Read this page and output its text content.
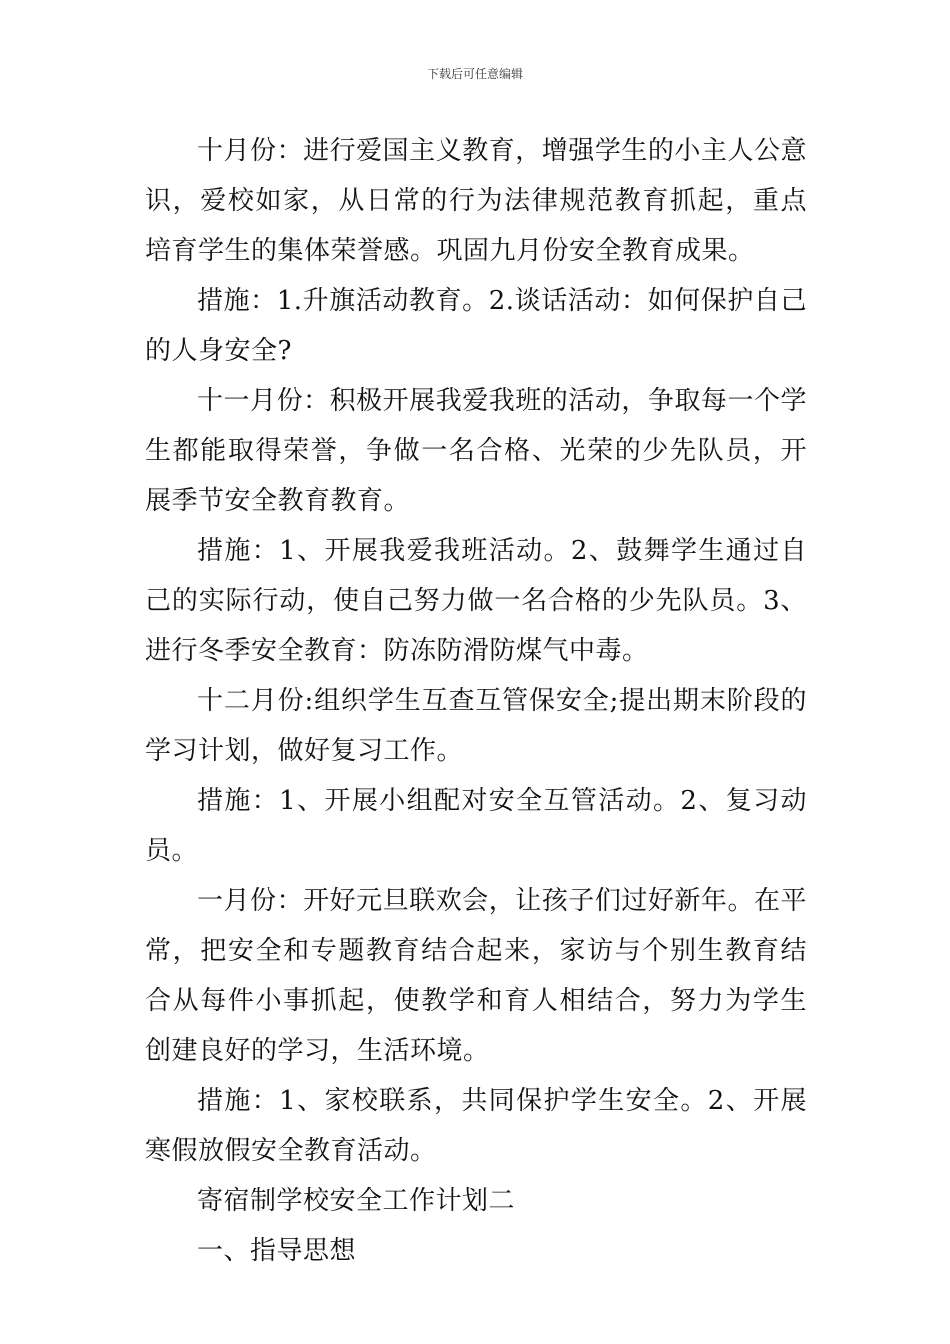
下载后可任意编辑

十月份：进行爱国主义教育，增强学生的小主人公意识，爱校如家，从日常的行为法律规范教育抓起，重点培育学生的集体荣誉感。巩固九月份安全教育成果。

措施：1.升旗活动教育。2.谈话活动：如何保护自己的人身安全?

十一月份：积极开展我爱我班的活动，争取每一个学生都能取得荣誉，争做一名合格、光荣的少先队员，开展季节安全教育教育。

措施：1、开展我爱我班活动。2、鼓舞学生通过自己的实际行动，使自己努力做一名合格的少先队员。3、进行冬季安全教育：防冻防滑防煤气中毒。

十二月份:组织学生互查互管保安全;提出期末阶段的学习计划，做好复习工作。

措施：1、开展小组配对安全互管活动。2、复习动员。

一月份：开好元旦联欢会，让孩子们过好新年。在平常，把安全和专题教育结合起来，家访与个别生教育结合从每件小事抓起，使教学和育人相结合，努力为学生创建良好的学习，生活环境。

措施：1、家校联系，共同保护学生安全。2、开展寒假放假安全教育活动。

寄宿制学校安全工作计划二

一、指导思想
